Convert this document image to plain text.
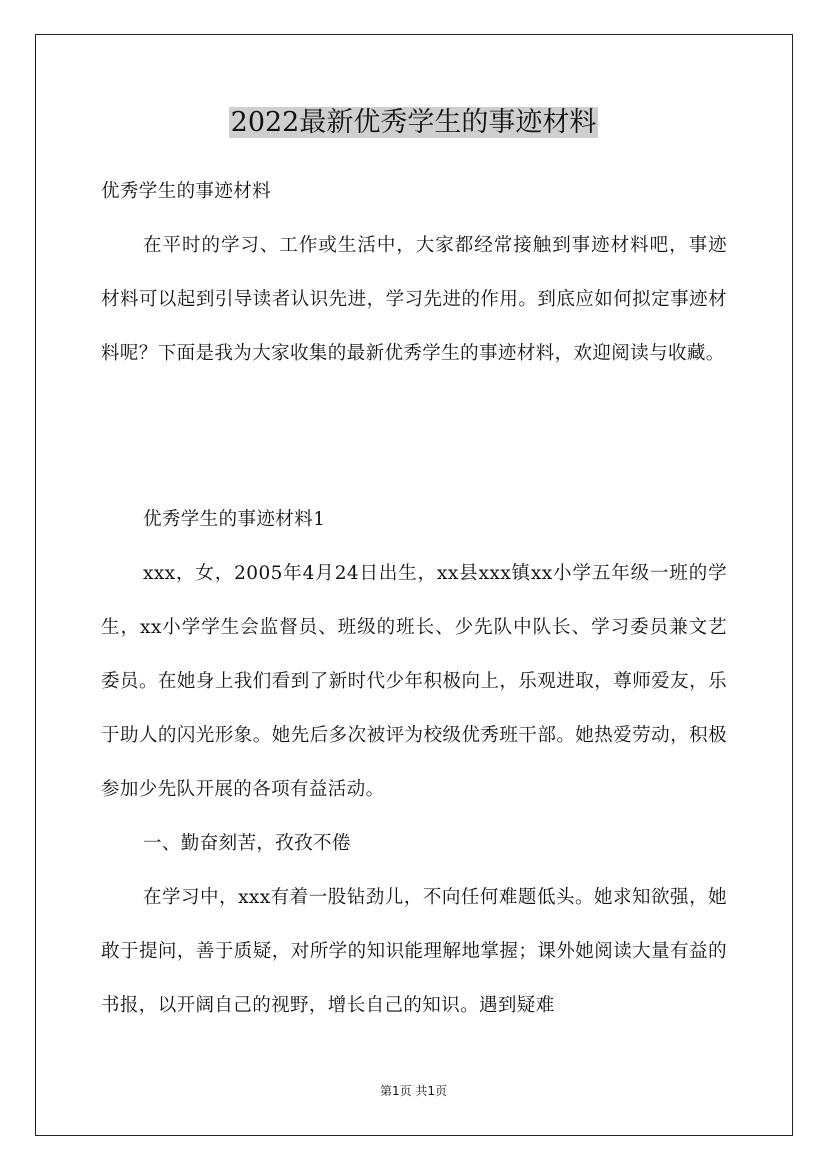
2022最新优秀学生的事迹材料
优秀学生的事迹材料
在平时的学习、工作或生活中，大家都经常接触到事迹材料吧，事迹材料可以起到引导读者认识先进，学习先进的作用。到底应如何拟定事迹材料呢？下面是我为大家收集的最新优秀学生的事迹材料，欢迎阅读与收藏。
优秀学生的事迹材料1
xxx，女，2005年4月24日出生，xx县xxx镇xx小学五年级一班的学生，xx小学学生会监督员、班级的班长、少先队中队长、学习委员兼文艺委员。在她身上我们看到了新时代少年积极向上，乐观进取，尊师爱友，乐于助人的闪光形象。她先后多次被评为校级优秀班干部。她热爱劳动，积极参加少先队开展的各项有益活动。
一、勤奋刻苦，孜孜不倦
在学习中，xxx有着一股钻劲儿，不向任何难题低头。她求知欲强，她敢于提问，善于质疑，对所学的知识能理解地掌握；课外她阅读大量有益的书报，以开阔自己的视野，增长自己的知识。遇到疑难
第1页 共1页
